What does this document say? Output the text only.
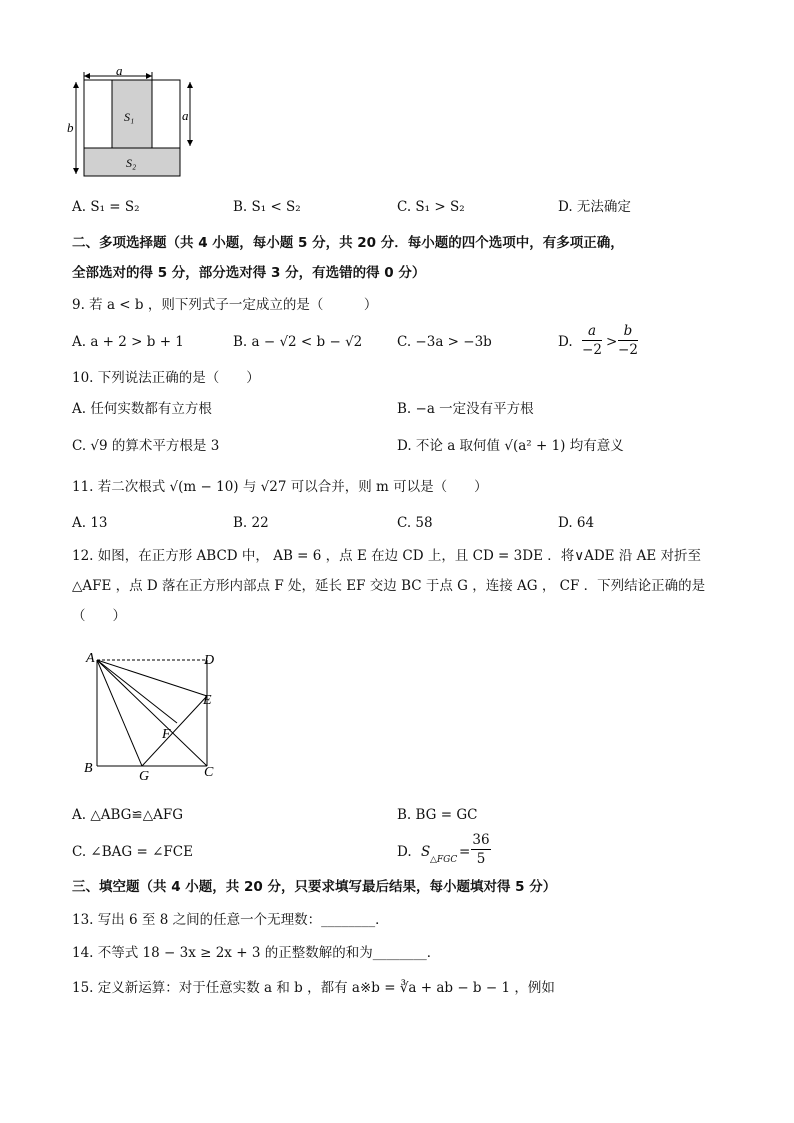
a
b
a
S₁
S₂
A. S₁ = S₂	B. S₁ < S₂	C. S₁ > S₂	D. 无法确定
二、多项选择题（共 4 小题，每小题 5 分，共 20 分．每小题的四个选项中，有多项正确，
全部选对的得 5 分，部分选对得 3 分，有选错的得 0 分）
9. 若 a < b ，则下列式子一定成立的是（　　　）
A. a + 2 > b + 1	B. a − √2 < b − √2	C. −3a > −3b	D.
a
−2 >
b
−2
10. 下列说法正确的是（　　）
A. 任何实数都有立方根	B. −a 一定没有平方根
C. √9 的算术平方根是 3	D. 不论 a 取何值 √(a² + 1) 均有意义
11. 若二次根式 √(m − 10) 与 √27 可以合并，则 m 可以是（　　）
A. 13	B. 22	C. 58	D. 64
12. 如图，在正方形 ABCD 中， AB = 6 ，点 E 在边 CD 上，且 CD = 3DE ．将∨ADE 沿 AE 对折至
△AFE ，点 D 落在正方形内部点 F 处，延长 EF 交边 BC 于点 G ，连接 AG ， CF ．下列结论正确的是
（　　）
A	D
E
F
B
G	C
A. △ABG≌△AFG	B. BG = GC
C. ∠BAG = ∠FCE	D. S △FGC =
36
5
三、填空题（共 4 小题，共 20 分，只要求填写最后结果，每小题填对得 5 分）
13. 写出 6 至 8 之间的任意一个无理数：________．
14. 不等式 18 − 3x ≥ 2x + 3 的正整数解的和为________．
15. 定义新运算：对于任意实数 a 和 b ，都有 a※b = ∛a + ab − b − 1 ，例如
